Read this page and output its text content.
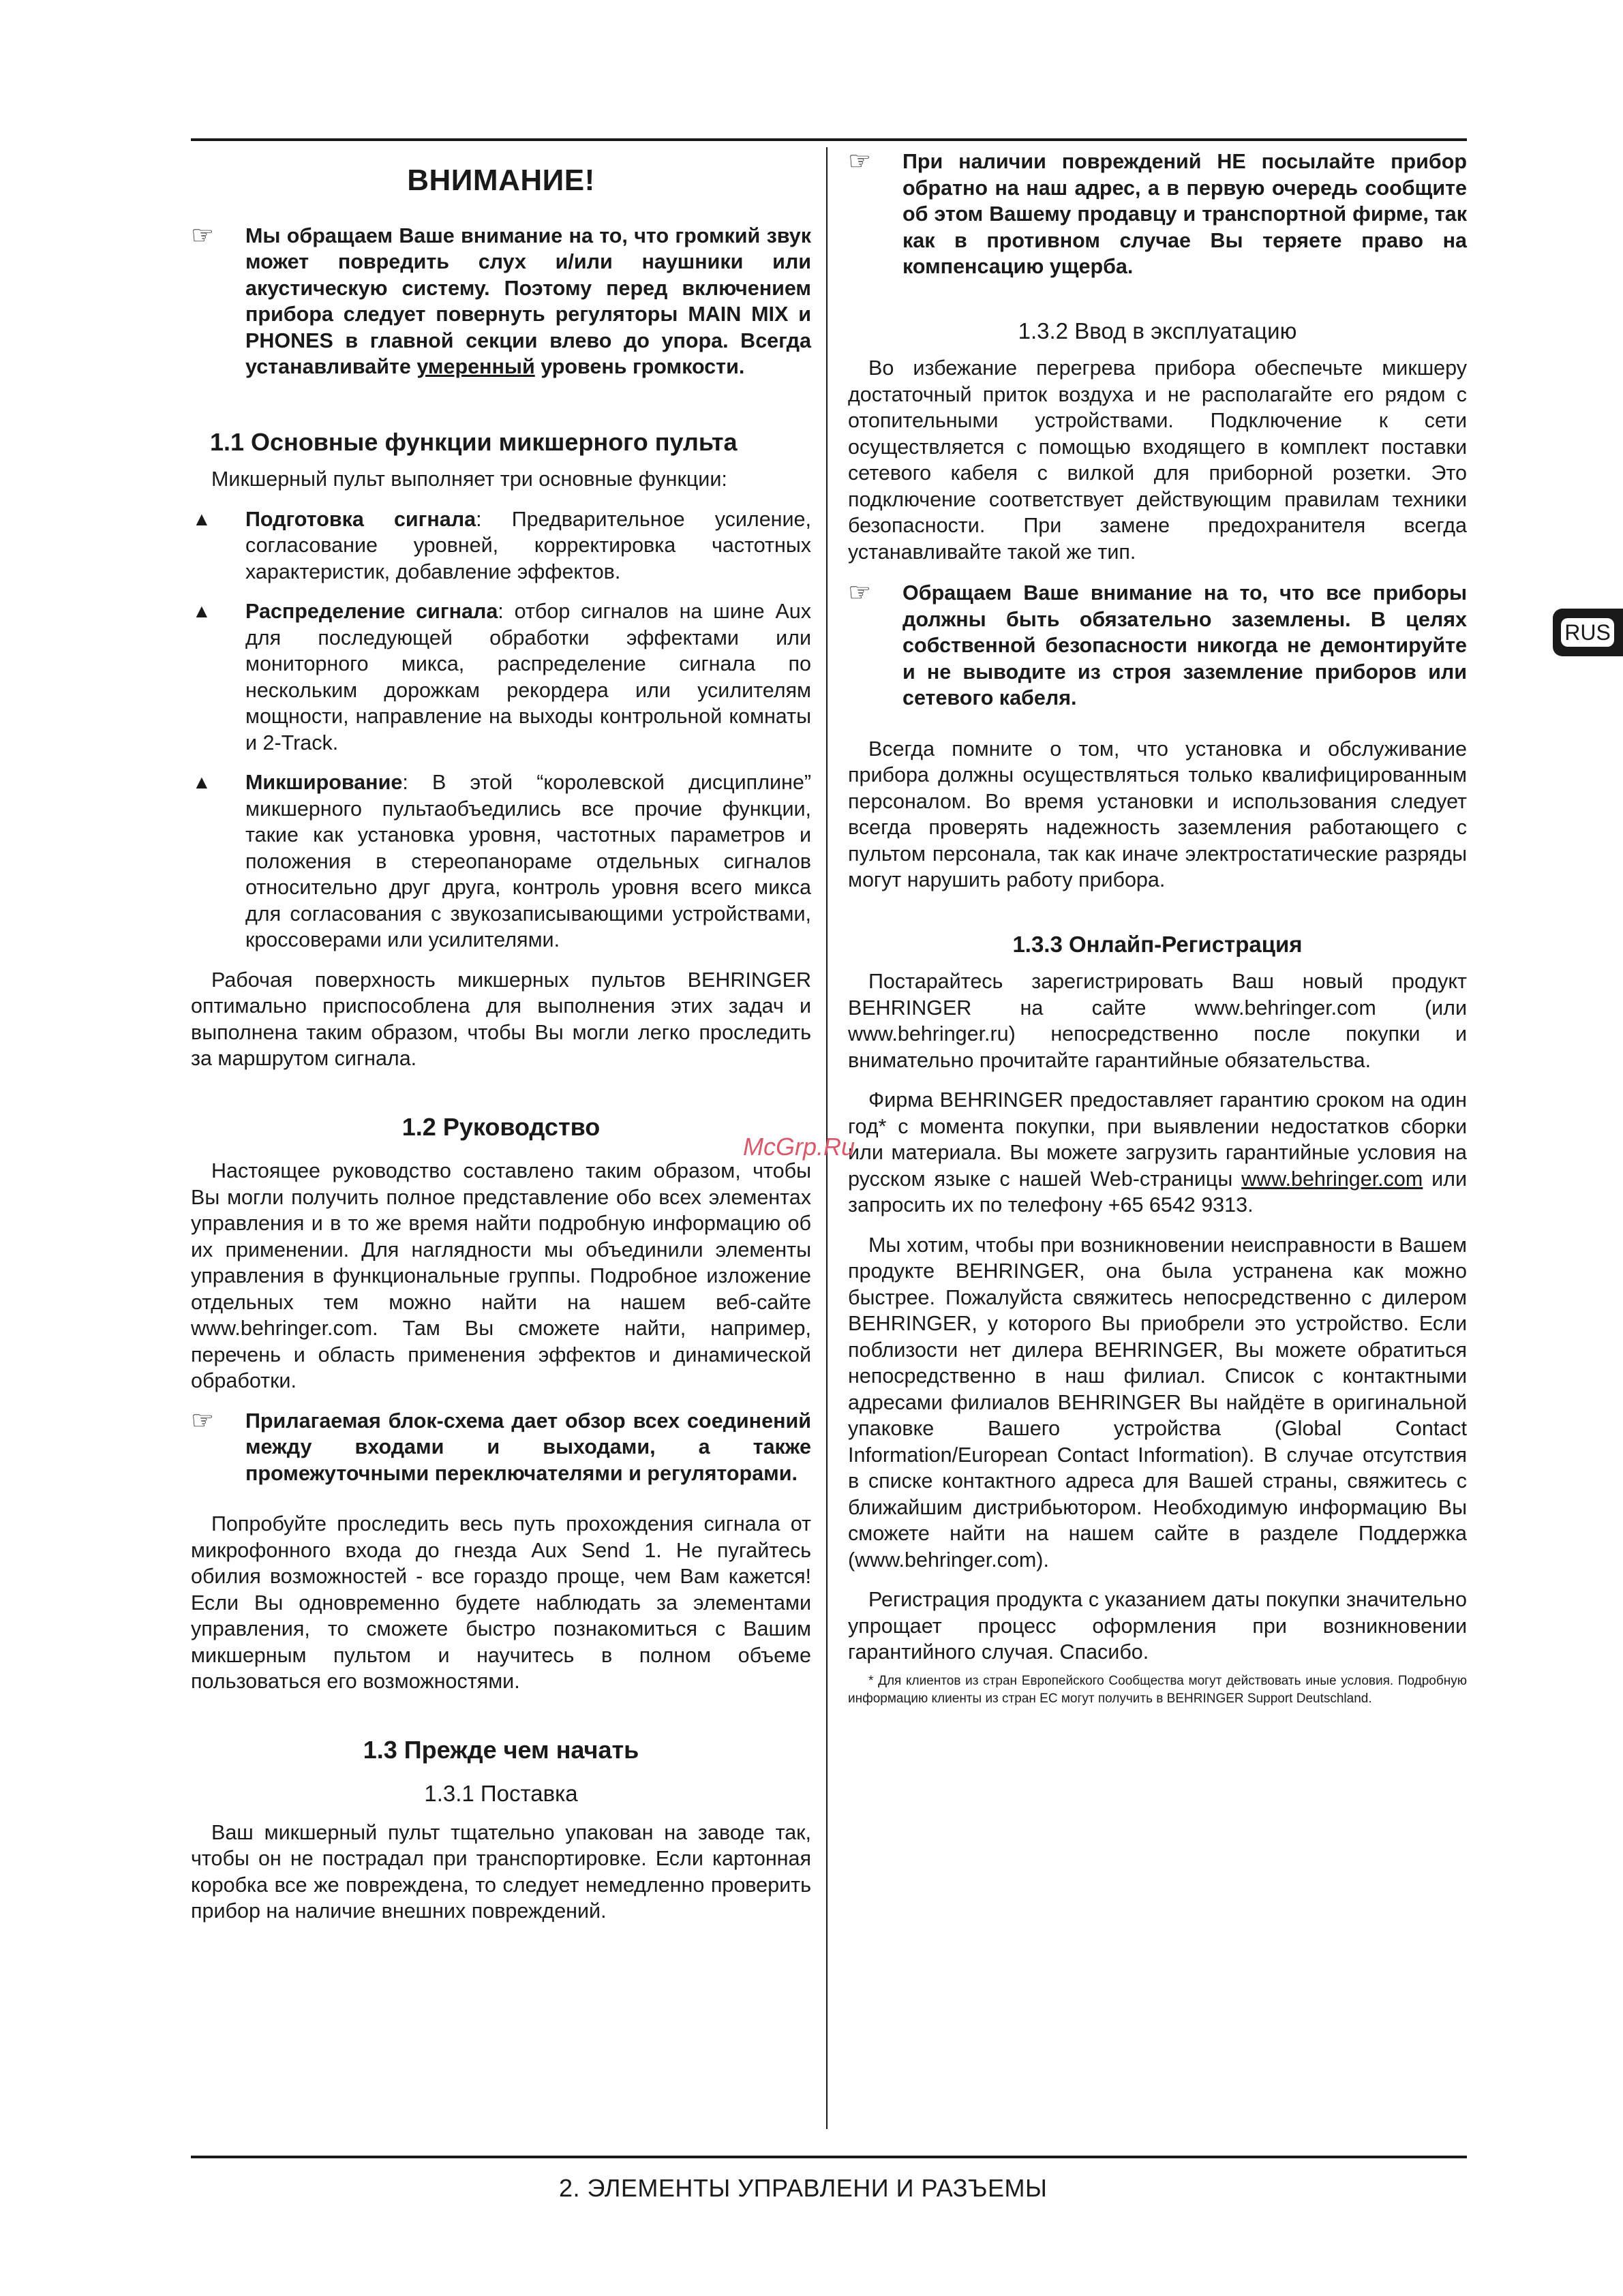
ВНИМАНИЕ!
☞ Мы обращаем Ваше внимание на то, что громкий звук может повредить слух и/или наушники или акустическую систему. Поэтому перед включением прибора следует повернуть регуляторы MAIN MIX и PHONES в главной секции влево до упора. Всегда устанавливайте умеренный уровень громкости.
1.1 Основные функции микшерного пульта

Микшерный пульт выполняет три основные функции:

▲ Подготовка сигнала: Предварительное усиление, согласование уровней, корректировка частотных характеристик, добавление эффектов.
▲ Распределение сигнала: отбор сигналов на шине Aux для последующей обработки эффектами или мониторного микса, распределение сигнала по нескольким дорожкам рекордера или усилителям мощности, направление на выходы контрольной комнаты и 2-Track.
▲ Микширование: В этой “королевской дисциплине” микшерного пультаобъедились все прочие функции, такие как установка уровня, частотных параметров и положения в стереопанораме отдельных сигналов относительно друг друга, контроль уровня всего микса для согласования с звукозаписывающими устройствами, кроссоверами или усилителями.

Рабочая поверхность микшерных пультов BEHRINGER оптимально приспособлена для выполнения этих задач и выполнена таким образом, чтобы Вы могли легко проследить за маршрутом сигнала.

1.2 Руководство

Настоящее руководство составлено таким образом, чтобы Вы могли получить полное представление обо всех элементах управления и в то же время найти подробную информацию об их применении. Для наглядности мы объединили элементы управления в функциональные группы. Подробное изложение отдельных тем можно найти на нашем веб-сайте www.behringer.com. Там Вы сможете найти, например, перечень и область применения эффектов и динамической обработки.

☞ Прилагаемая блок-схема дает обзор всех соединений между входами и выходами, а также промежуточными переключателями и регуляторами.

Попробуйте проследить весь путь прохождения сигнала от микрофонного входа до гнезда Aux Send 1. Не пугайтесь обилия возможностей - все гораздо проще, чем Вам кажется! Если Вы одновременно будете наблюдать за элементами управления, то сможете быстро познакомиться с Вашим микшерным пультом и научитесь в полном объеме пользоваться его возможностями.

1.3 Прежде чем начать
1.3.1 Поставка

Ваш микшерный пульт тщательно упакован на заводе так, чтобы он не пострадал при транспортировке. Если картонная коробка все же повреждена, то следует немедленно проверить прибор на наличие внешних повреждений.

☞ При наличии повреждений НЕ посылайте прибор обратно на наш адрес, а в первую очередь сообщите об этом Вашему продавцу и транспортной фирме, так как в противном случае Вы теряете право на компенсацию ущерба.
1.3.2 Ввод в эксплуатацию

Во избежание перегрева прибора обеспечьте микшеру достаточный приток воздуха и не располагайте его рядом с отопительными устройствами. Подключение к сети осуществляется с помощью входящего в комплект поставки сетевого кабеля с вилкой для приборной розетки. Это подключение соответствует действующим правилам техники безопасности. При замене предохранителя всегда устанавливайте такой же тип.

☞ Обращаем Ваше внимание на то, что все приборы должны быть обязательно заземлены. В целях собственной безопасности никогда не демонтируйте и не выводите из строя заземление приборов или сетевого кабеля.

Всегда помните о том, что установка и обслуживание прибора должны осуществляться только квалифицированным персоналом. Во время установки и использования следует всегда проверять надежность заземления работающего с пультом персонала, так как иначе электростатические разряды могут нарушить работу прибора.

1.3.3 Онлайп-Регистрация

Постарайтесь зарегистрировать Ваш новый продукт BEHRINGER на сайте www.behringer.com (или www.behringer.ru) непосредственно после покупки и внимательно прочитайте гарантийные обязательства.

Фирма BEHRINGER предоставляет гарантию сроком на один год* с момента покупки, при выявлении недостатков сборки или материала. Вы можете загрузить гарантийные условия на русском языке с нашей Web-страницы www.behringer.com или запросить их по телефону +65 6542 9313.

Мы хотим, чтобы при возникновении неисправности в Вашем продукте BEHRINGER, она была устранена как можно быстрее. Пожалуйста свяжитесь непосредственно с дилером BEHRINGER, у которого Вы приобрели это устройство. Если поблизости нет дилера BEHRINGER, Вы можете обратиться непосредственно в наш филиал. Список с контактными адресами филиалов BEHRINGER Вы найдёте в оригинальной упаковке Вашего устройства (Global Contact Information/European Contact Information). В случае отсутствия в списке контактного адреса для Вашей страны, свяжитесь с ближайшим дистрибьютором. Необходимую информацию Вы сможете найти на нашем сайте в разделе Поддержка (www.behringer.com).

Регистрация продукта с указанием даты покупки значительно упрощает процесс оформления при возникновении гарантийного случая. Спасибо.

* Для клиентов из стран Европейского Сообщества могут действовать иные условия. Подробную информацию клиенты из стран ЕС могут получить в BEHRINGER Support Deutschland.

RUS
McGrp.Ru
2. ЭЛЕМЕНТЫ УПРАВЛЕНИ И РАЗЪЕМЫ
